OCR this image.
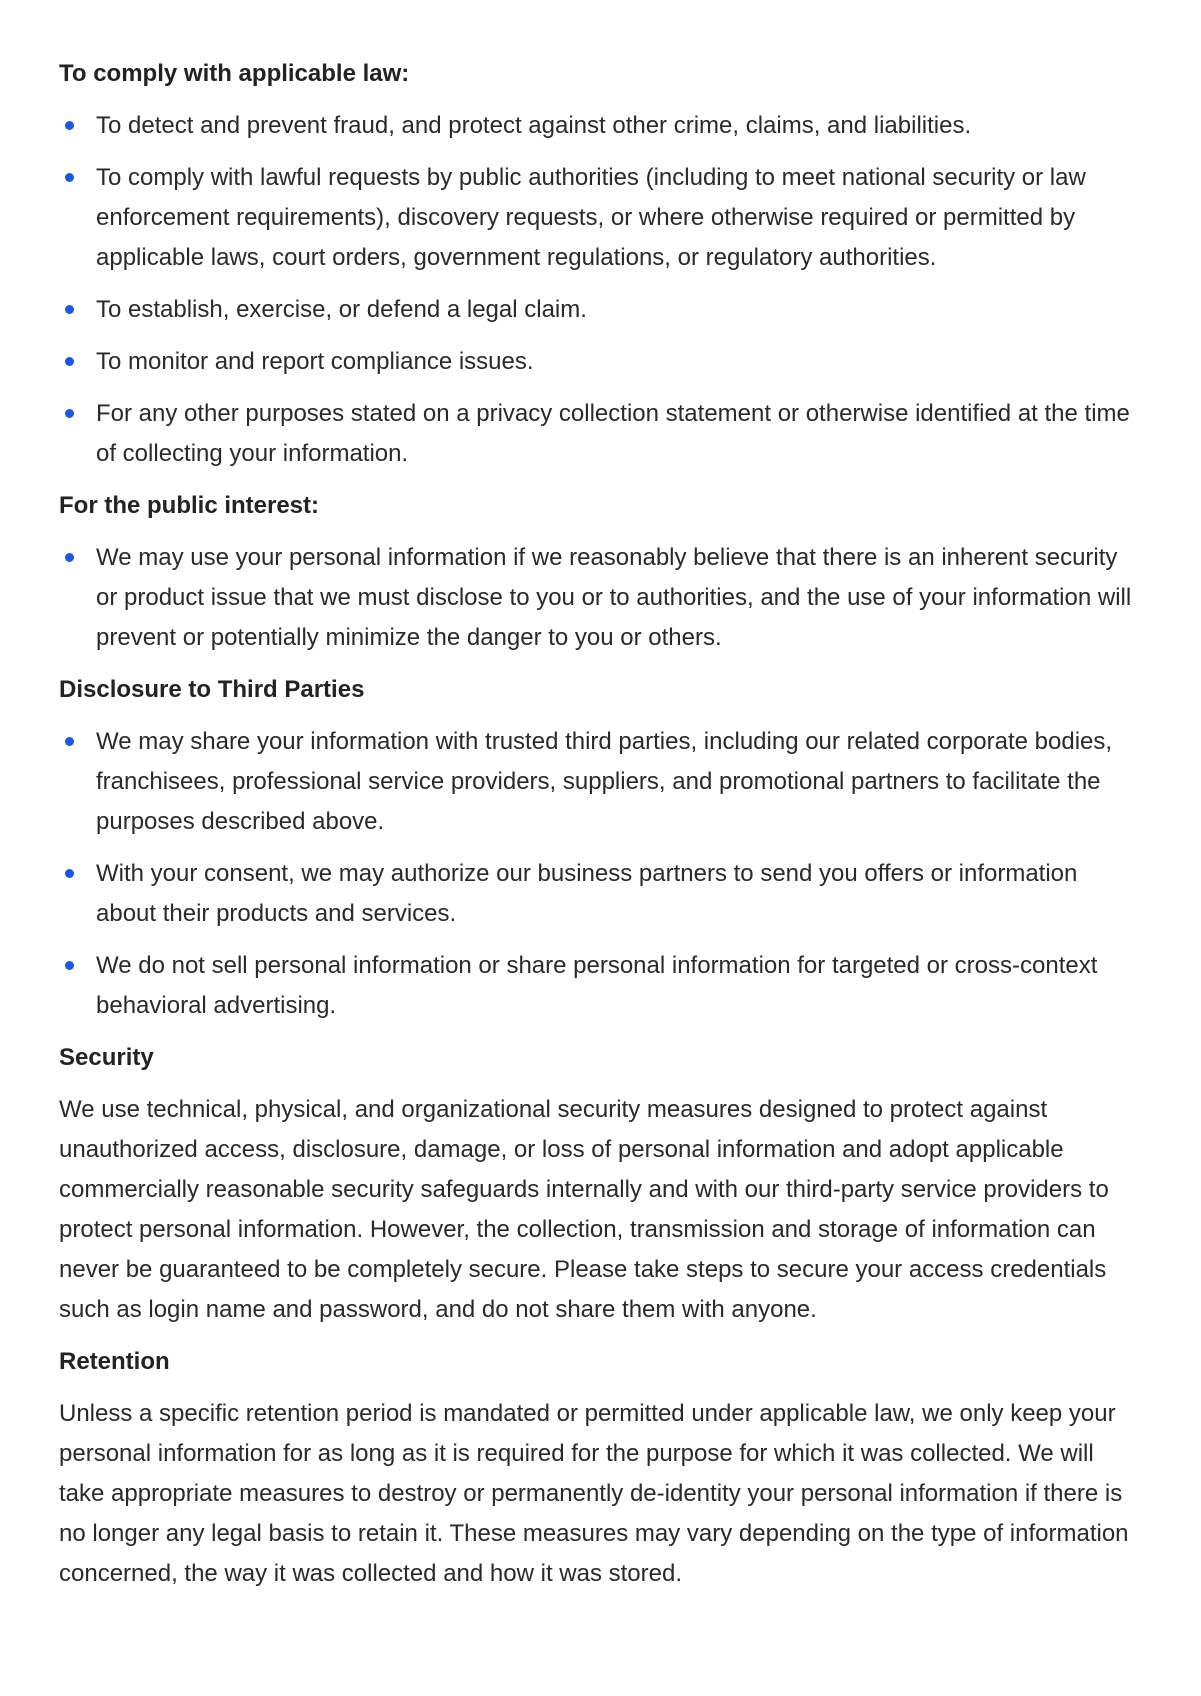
To comply with applicable law:
To detect and prevent fraud, and protect against other crime, claims, and liabilities.
To comply with lawful requests by public authorities (including to meet national security or law enforcement requirements), discovery requests, or where otherwise required or permitted by applicable laws, court orders, government regulations, or regulatory authorities.
To establish, exercise, or defend a legal claim.
To monitor and report compliance issues.
For any other purposes stated on a privacy collection statement or otherwise identified at the time of collecting your information.
For the public interest:
We may use your personal information if we reasonably believe that there is an inherent security or product issue that we must disclose to you or to authorities, and the use of your information will prevent or potentially minimize the danger to you or others.
Disclosure to Third Parties
We may share your information with trusted third parties, including our related corporate bodies, franchisees, professional service providers, suppliers, and promotional partners to facilitate the purposes described above.
With your consent, we may authorize our business partners to send you offers or information about their products and services.
We do not sell personal information or share personal information for targeted or cross-context behavioral advertising.
Security

We use technical, physical, and organizational security measures designed to protect against unauthorized access, disclosure, damage, or loss of personal information and adopt applicable commercially reasonable security safeguards internally and with our third-party service providers to protect personal information. However, the collection, transmission and storage of information can never be guaranteed to be completely secure. Please take steps to secure your access credentials such as login name and password, and do not share them with anyone.

Retention

Unless a specific retention period is mandated or permitted under applicable law, we only keep your personal information for as long as it is required for the purpose for which it was collected. We will take appropriate measures to destroy or permanently de-identity your personal information if there is no longer any legal basis to retain it. These measures may vary depending on the type of information concerned, the way it was collected and how it was stored.
